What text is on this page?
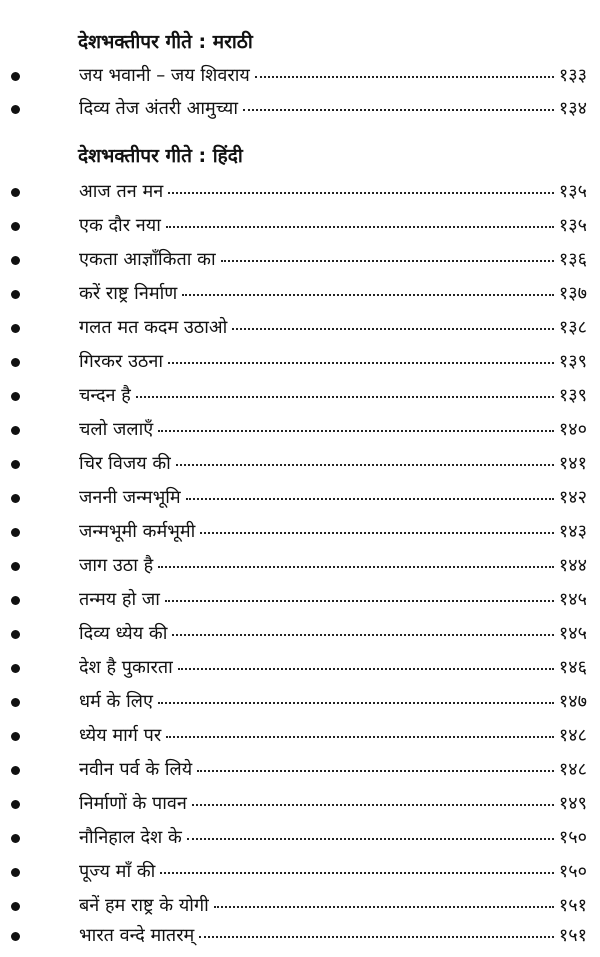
देशभक्तीपर गीते : मराठी
जय भवानी – जय शिवराय	१३३
दिव्य तेज अंतरी आमुच्या	१३४
देशभक्तीपर गीते : हिंदी
आज तन मन	१३५
एक दौर नया	१३५
एकता आज्ञाँकिता का	१३६
करें राष्ट्र निर्माण	१३७
गलत मत कदम उठाओ	१३८
गिरकर उठना	१३९
चन्दन है	१३९
चलो जलाएँ	१४०
चिर विजय की	१४१
जननी जन्मभूमि	१४२
जन्मभूमी कर्मभूमी	१४३
जाग उठा है	१४४
तन्मय हो जा	१४५
दिव्य ध्येय की	१४५
देश है पुकारता	१४६
धर्म के लिए	१४७
ध्येय मार्ग पर	१४८
नवीन पर्व के लिये	१४८
निर्माणों के पावन	१४९
नौनिहाल देश के	१५०
पूज्य माँ की	१५०
बनें हम राष्ट्र के योगी	१५१
भारत वन्दे मातरम्	१५१
